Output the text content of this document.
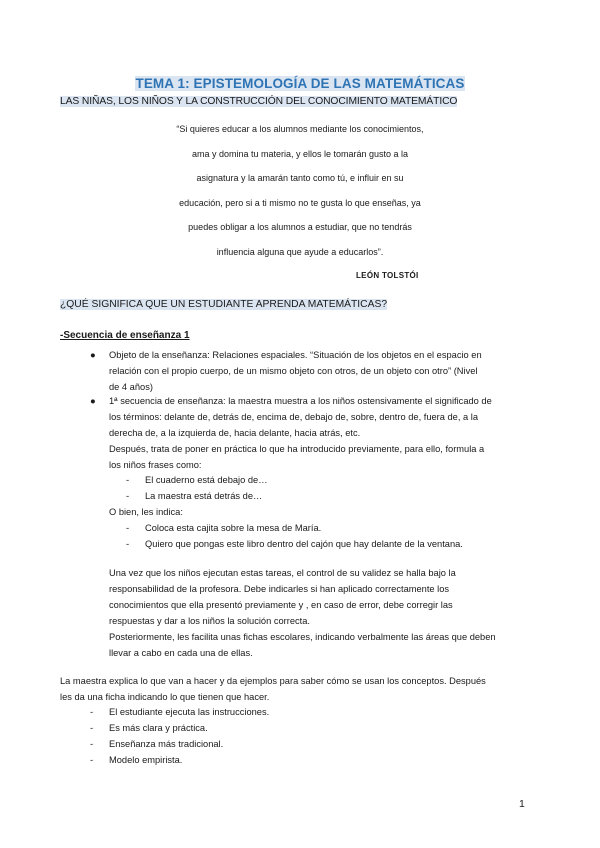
TEMA 1: EPISTEMOLOGÍA DE LAS MATEMÁTICAS
LAS NIÑAS, LOS NIÑOS Y LA CONSTRUCCIÓN DEL CONOCIMIENTO MATEMÁTICO
“Si quieres educar a los alumnos mediante los conocimientos,
ama y domina tu materia, y ellos le tomarán gusto a la
asignatura y la amarán tanto como tú, e influir en su
educación, pero si a ti mismo no te gusta lo que enseñas, ya
puedes obligar a los alumnos a estudiar, que no tendrás
influencia alguna que ayude a educarlos”.
LEÓN TOLSTÓI
¿QUÉ SIGNIFICA QUE UN ESTUDIANTE APRENDA MATEMÁTICAS?
-Secuencia de enseñanza 1
● Objeto de la enseñanza: Relaciones espaciales. “Situación de los objetos en el espacio en
relación con el propio cuerpo, de un mismo objeto con otros, de un objeto con otro” (Nivel
de 4 años)
● 1ª secuencia de enseñanza: la maestra muestra a los niños ostensivamente el significado de
los términos: delante de, detrás de, encima de, debajo de, sobre, dentro de, fuera de, a la
derecha de, a la izquierda de, hacia delante, hacia atrás, etc.
Después, trata de poner en práctica lo que ha introducido previamente, para ello, formula a
los niños frases como:
- El cuaderno está debajo de…
- La maestra está detrás de…
O bien, les indica:
- Coloca esta cajita sobre la mesa de María.
- Quiero que pongas este libro dentro del cajón que hay delante de la ventana.
Una vez que los niños ejecutan estas tareas, el control de su validez se halla bajo la
responsabilidad de la profesora. Debe indicarles si han aplicado correctamente los
conocimientos que ella presentó previamente y , en caso de error, debe corregir las
respuestas y dar a los niños la solución correcta.
Posteriormente, les facilita unas fichas escolares, indicando verbalmente las áreas que deben
llevar a cabo en cada una de ellas.
La maestra explica lo que van a hacer y da ejemplos para saber cómo se usan los conceptos. Después
les da una ficha indicando lo que tienen que hacer.
- El estudiante ejecuta las instrucciones.
- Es más clara y práctica.
- Enseñanza más tradicional.
- Modelo empirista.
1
